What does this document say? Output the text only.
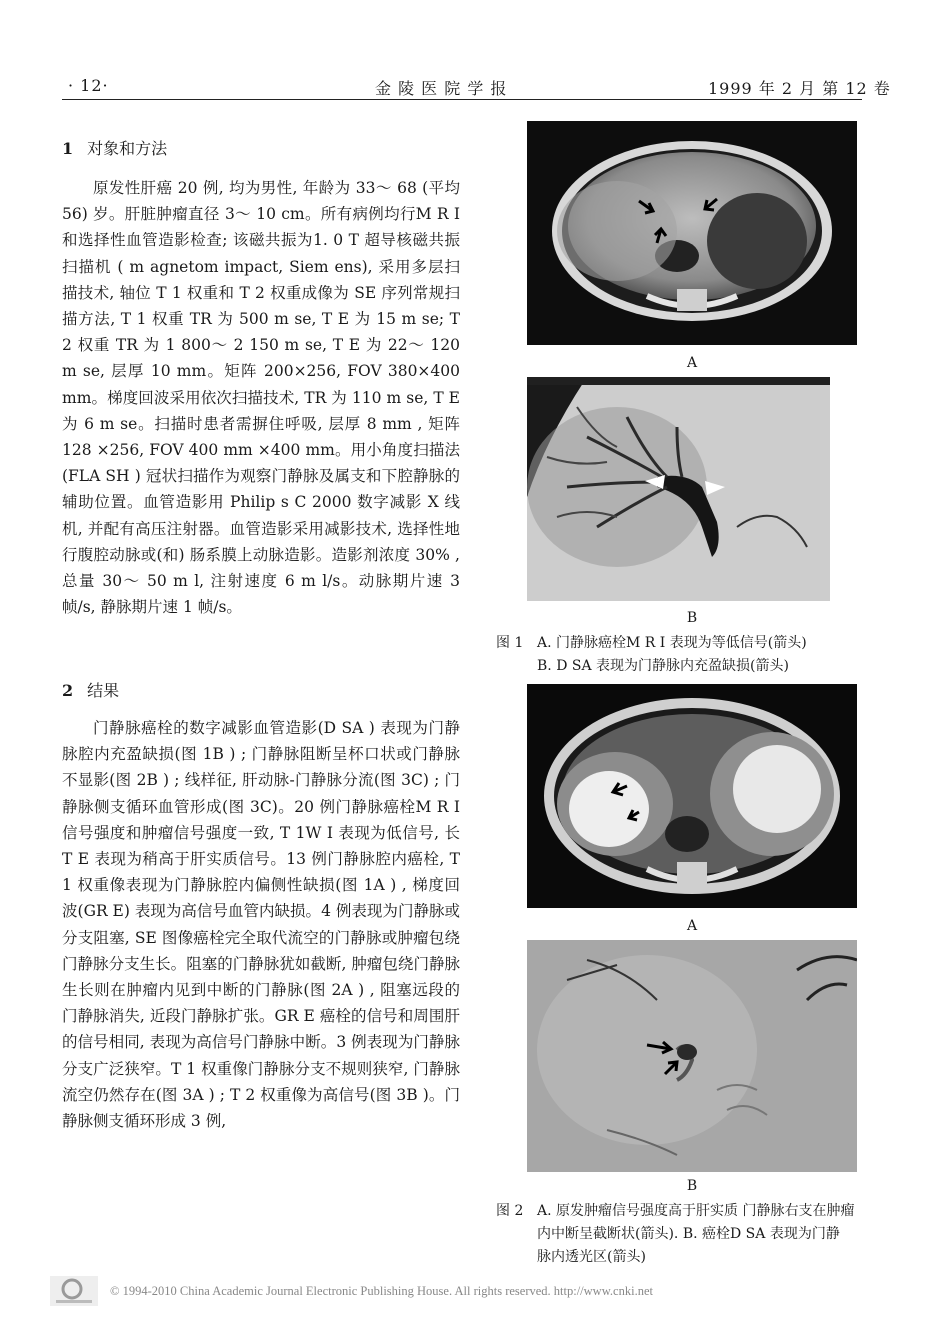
· 12·	金 陵 医 院 学 报	1999 年 2 月 第 12 卷
1 对象和方法
原发性肝癌 20 例, 均为男性, 年龄为 33～ 68 (平均 56) 岁。肝脏肿瘤直径 3～ 10 cm。所有病例均行M R I 和选择性血管造影检查; 该磁共振为1. 0 T 超导核磁共振扫描机 ( m agnetom impact, Siem ens), 采用多层扫描技术, 轴位 T 1 权重和 T 2 权重成像为 SE 序列常规扫描方法, T 1 权重 TR 为 500 m se, T E 为 15 m se; T 2 权重 TR 为 1 800～ 2 150 m se, T E 为 22～ 120 m se, 层厚 10 mm。矩阵 200×256, FOV 380×400 mm。梯度回波采用依次扫描技术, TR 为 110 m se, T E 为 6 m se。扫描时患者需摒住呼吸, 层厚 8 mm , 矩阵 128 ×256, FOV 400 mm ×400 mm。用小角度扫描法(FLA SH ) 冠状扫描作为观察门静脉及属支和下腔静脉的辅助位置。血管造影用 Philip s C 2000 数字减影 X 线机, 并配有高压注射器。血管造影采用减影技术, 选择性地行腹腔动脉或(和) 肠系膜上动脉造影。造影剂浓度 30% , 总量 30～ 50 m l, 注射速度 6 m l/s。动脉期片速 3 帧/s, 静脉期片速 1 帧/s。
2 结果
门静脉癌栓的数字减影血管造影(D SA ) 表现为门静脉腔内充盈缺损(图 1B ) ; 门静脉阻断呈杯口状或门静脉不显影(图 2B ) ; 线样征, 肝动脉-门静脉分流(图 3C) ; 门静脉侧支循环血管形成(图 3C)。20 例门静脉癌栓M R I 信号强度和肿瘤信号强度一致, T 1W I 表现为低信号, 长 T E 表现为稍高于肝实质信号。13 例门静脉腔内癌栓, T 1 权重像表现为门静脉腔内偏侧性缺损(图 1A ) , 梯度回波(GR E) 表现为高信号血管内缺损。4 例表现为门静脉或分支阻塞, SE 图像癌栓完全取代流空的门静脉或肿瘤包绕门静脉分支生长。阻塞的门静脉犹如截断, 肿瘤包绕门静脉生长则在肿瘤内见到中断的门静脉(图 2A ) , 阻塞远段的门静脉消失, 近段门静脉扩张。GR E 癌栓的信号和周围肝的信号相同, 表现为高信号门静脉中断。3 例表现为门静脉分支广泛狭窄。T 1 权重像门静脉分支不规则狭窄, 门静脉流空仍然存在(图 3A ) ; T 2 权重像为高信号(图 3B )。门静脉侧支循环形成 3 例,
A
B
图 1 A. 门静脉癌栓M R I 表现为等低信号(箭头)
B. D SA 表现为门静脉内充盈缺损(箭头)
A
B
图 2 A. 原发肿瘤信号强度高于肝实质 门静脉右支在肿瘤
内中断呈截断状(箭头). B. 癌栓D SA 表现为门静
脉内透光区(箭头)
© 1994-2010 China Academic Journal Electronic Publishing House. All rights reserved. http://www.cnki.net
